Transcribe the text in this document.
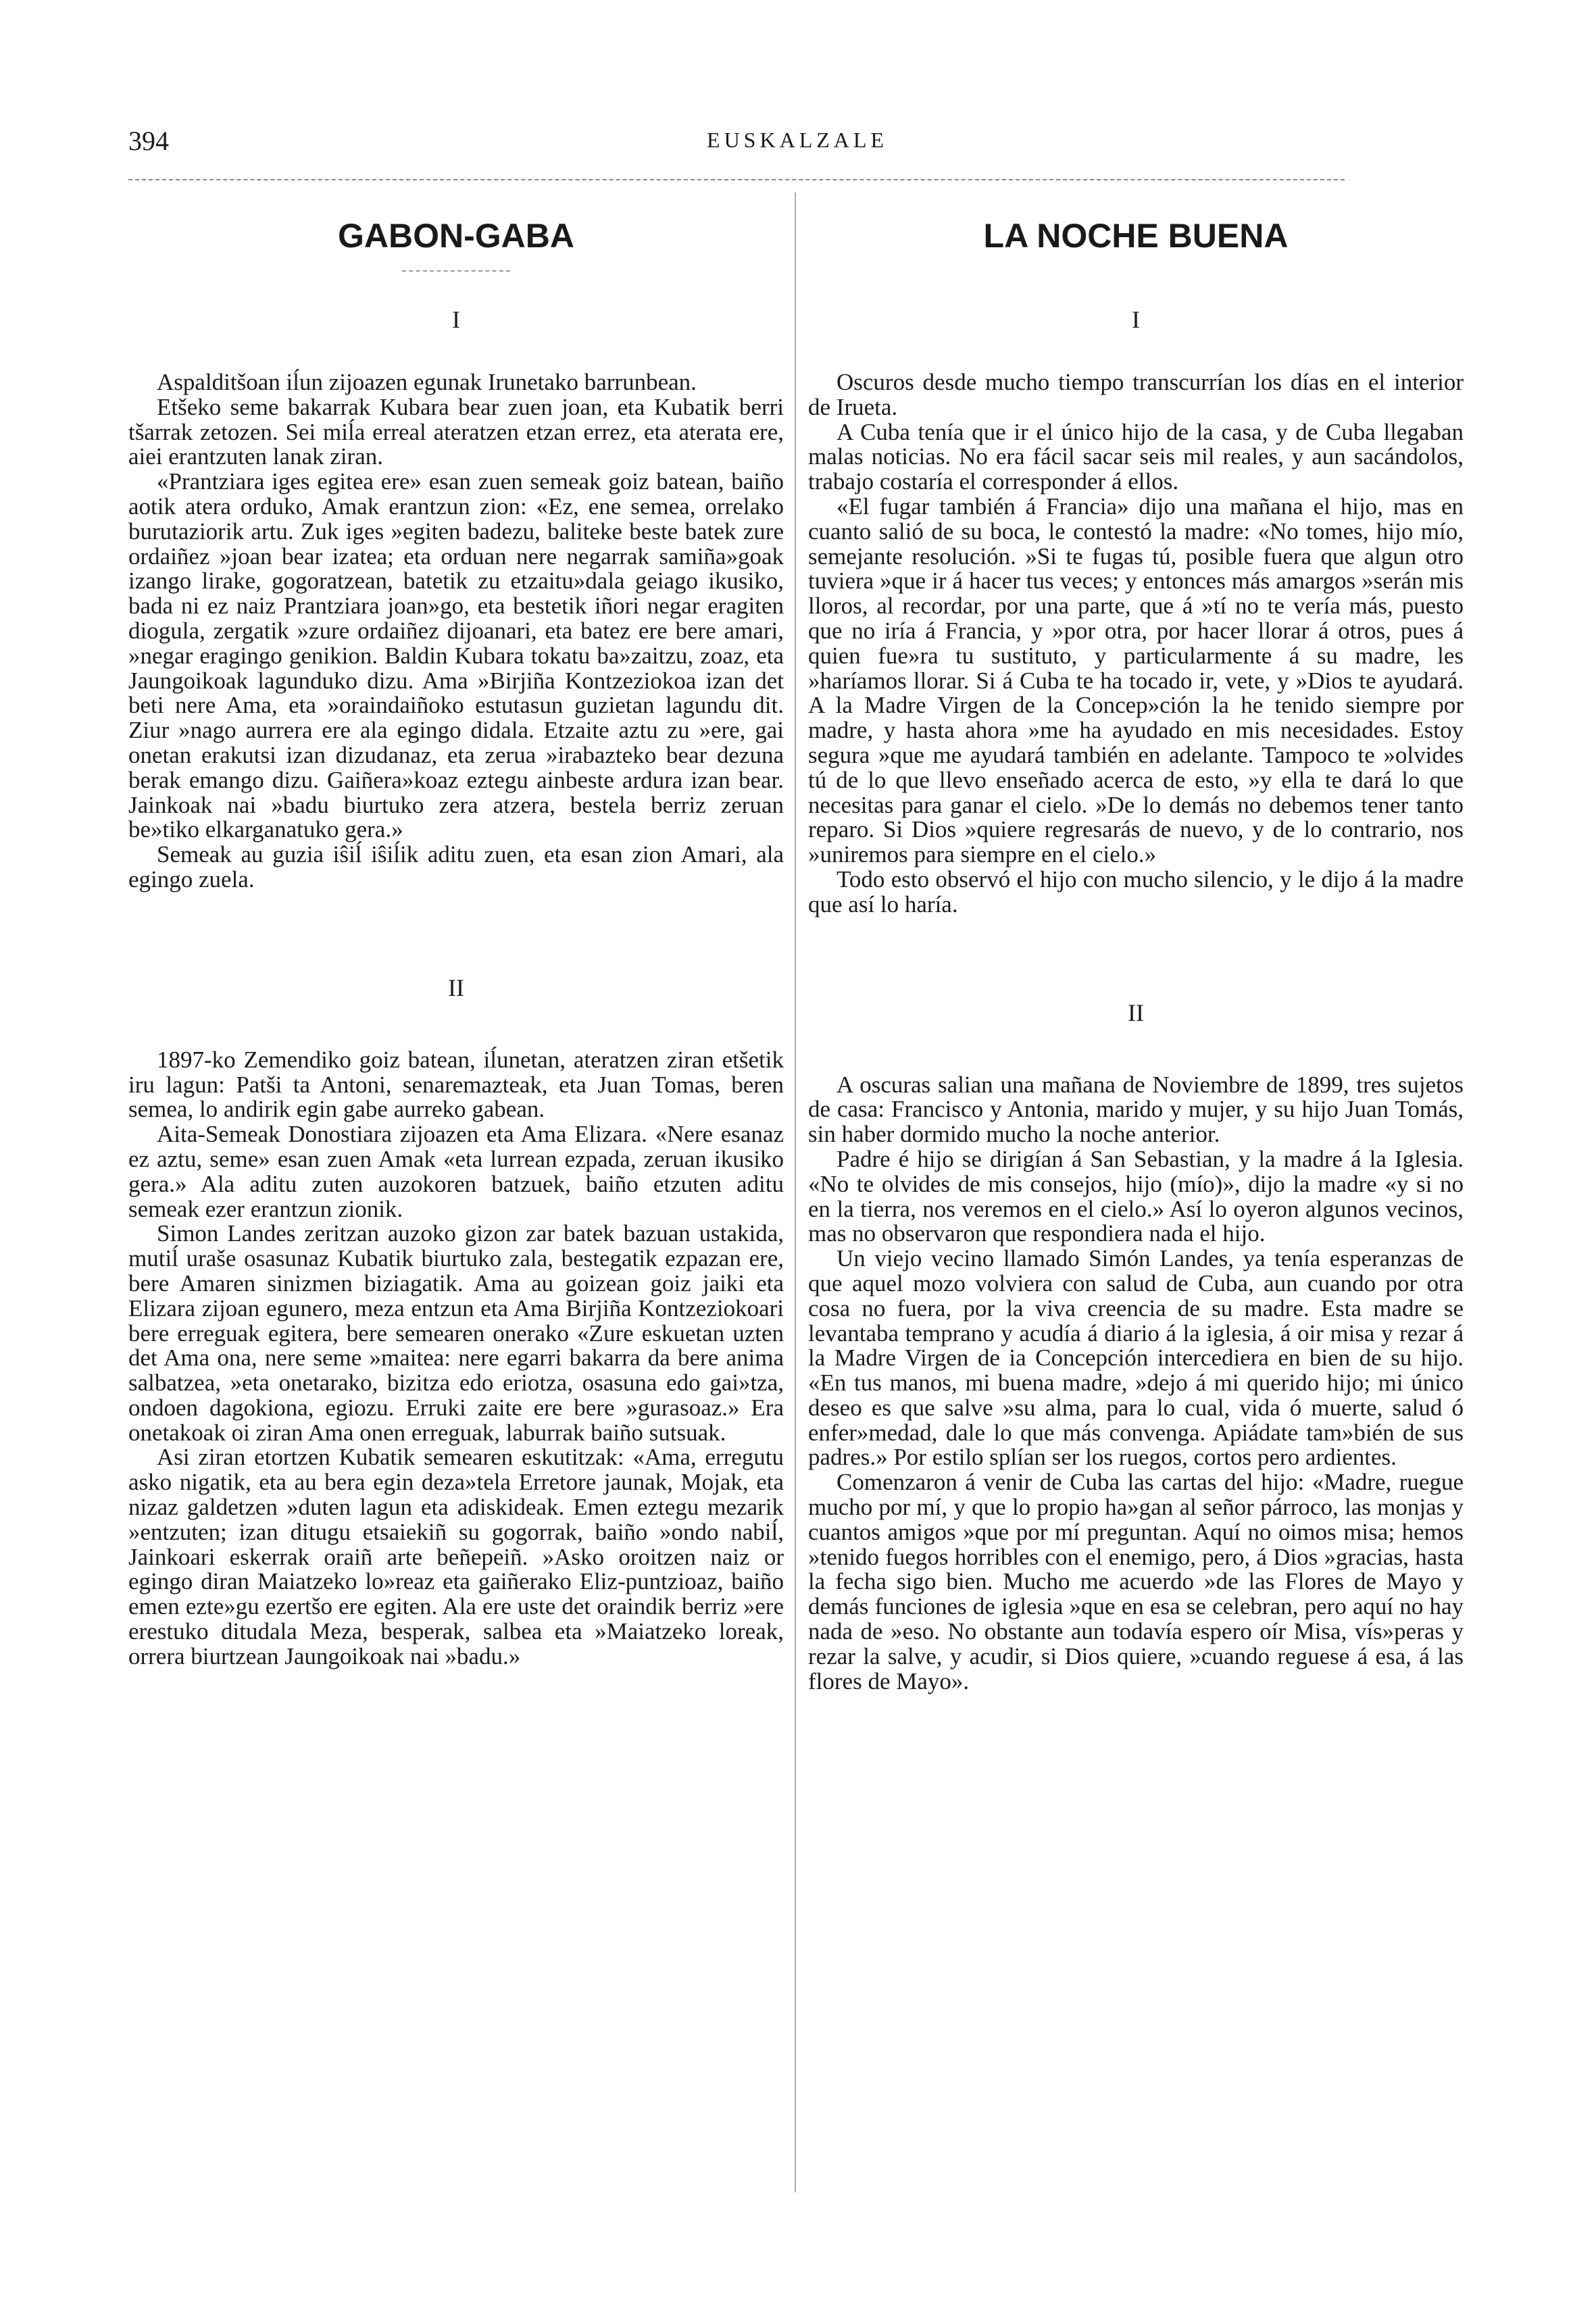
394	EUSKALZALE
GABON-GABA
I

Aspalditšoan iĺun zijoazen egunak Irunetako barrunbean.

Etšeko seme bakarrak Kubara bear zuen joan, eta Kubatik berri tšarrak zetozen. Sei miĺa erreal ateratzen etzan errez, eta aterata ere, aiei erantzuten lanak ziran.

«Prantziara iges egitea ere» esan zuen semeak goiz batean, baiño aotik atera orduko, Amak erantzun zion: «Ez, ene semea, orrelako burutaziorik artu. Zuk iges »egiten badezu, baliteke beste batek zure ordaiñez »joan bear izatea; eta orduan nere negarrak samiña»goak izango lirake, gogoratzean, batetik zu etzaitu»dala geiago ikusiko, bada ni ez naiz Prantziara joan»go, eta bestetik iñori negar eragiten diogula, zergatik »zure ordaiñez dijoanari, eta batez ere bere amari, »negar eragingo genikion. Baldin Kubara tokatu ba»zaitzu, zoaz, eta Jaungoikoak lagunduko dizu. Ama »Birjiña Kontzeziokoa izan det beti nere Ama, eta »oraindaiñoko estutasun guzietan lagundu dit. Ziur »nago aurrera ere ala egingo didala. Etzaite aztu zu »ere, gai onetan erakutsi izan dizudanaz, eta zerua »irabazteko bear dezuna berak emango dizu. Gaiñera»koaz eztegu ainbeste ardura izan bear. Jainkoak nai »badu biurtuko zera atzera, bestela berriz zeruan be»tiko elkarganatuko gera.»

Semeak au guzia iŝiĺ iŝiĺik aditu zuen, eta esan zion Amari, ala egingo zuela.

II

1897-ko Zemendiko goiz batean, iĺunetan, ateratzen ziran etšetik iru lagun: Patši ta Antoni, senaremazteak, eta Juan Tomas, beren semea, lo andirik egin gabe aurreko gabean.

Aita-Semeak Donostiara zijoazen eta Ama Elizara. «Nere esanaz ez aztu, seme» esan zuen Amak «eta lurrean ezpada, zeruan ikusiko gera.» Ala aditu zuten auzokoren batzuek, baiño etzuten aditu semeak ezer erantzun zionik.

Simon Landes zeritzan auzoko gizon zar batek bazuan ustakida, mutiĺ uraše osasunaz Kubatik biurtuko zala, bestegatik ezpazan ere, bere Amaren sinizmen biziagatik. Ama au goizean goiz jaiki eta Elizara zijoan egunero, meza entzun eta Ama Birjiña Kontzeziokoari bere erreguak egitera, bere semearen onerako «Zure eskuetan uzten det Ama ona, nere seme »maitea: nere egarri bakarra da bere anima salbatzea, »eta onetarako, bizitza edo eriotza, osasuna edo gai»tza, ondoen dagokiona, egiozu. Erruki zaite ere bere »gurasoaz.» Era onetakoak oi ziran Ama onen erreguak, laburrak baiño sutsuak.

Asi ziran etortzen Kubatik semearen eskutitzak: «Ama, erregutu asko nigatik, eta au bera egin deza»tela Erretore jaunak, Mojak, eta nizaz galdetzen »duten lagun eta adiskideak. Emen eztegu mezarik »entzuten; izan ditugu etsaiekiñ su gogorrak, baiño »ondo nabiĺ, Jainkoari eskerrak oraiñ arte beñepeiñ. »Asko oroitzen naiz or egingo diran Maiatzeko lo»reaz eta gaiñerako Eliz-puntzioaz, baiño emen ezte»gu ezertšo ere egiten. Ala ere uste det oraindik berriz »ere erestuko ditudala Meza, besperak, salbea eta »Maiatzeko loreak, orrera biurtzean Jaungoikoak nai »badu.»

LA NOCHE BUENA
I

Oscuros desde mucho tiempo transcurrían los días en el interior de Irueta.

A Cuba tenía que ir el único hijo de la casa, y de Cuba llegaban malas noticias. No era fácil sacar seis mil reales, y aun sacándolos, trabajo costaría el corresponder á ellos.

«El fugar también á Francia» dijo una mañana el hijo, mas en cuanto salió de su boca, le contestó la madre: «No tomes, hijo mío, semejante resolución. »Si te fugas tú, posible fuera que algun otro tuviera »que ir á hacer tus veces; y entonces más amargos »serán mis lloros, al recordar, por una parte, que á »tí no te vería más, puesto que no iría á Francia, y »por otra, por hacer llorar á otros, pues á quien fue»ra tu sustituto, y particularmente á su madre, les »haríamos llorar. Si á Cuba te ha tocado ir, vete, y »Dios te ayudará. A la Madre Virgen de la Concep»ción la he tenido siempre por madre, y hasta ahora »me ha ayudado en mis necesidades. Estoy segura »que me ayudará también en adelante. Tampoco te »olvides tú de lo que llevo enseñado acerca de esto, »y ella te dará lo que necesitas para ganar el cielo. »De lo demás no debemos tener tanto reparo. Si Dios »quiere regresarás de nuevo, y de lo contrario, nos »uniremos para siempre en el cielo.»

Todo esto observó el hijo con mucho silencio, y le dijo á la madre que así lo haría.

II

A oscuras salian una mañana de Noviembre de 1899, tres sujetos de casa: Francisco y Antonia, marido y mujer, y su hijo Juan Tomás, sin haber dormido mucho la noche anterior.

Padre é hijo se dirigían á San Sebastian, y la madre á la Iglesia. «No te olvides de mis consejos, hijo (mío)», dijo la madre «y si no en la tierra, nos veremos en el cielo.» Así lo oyeron algunos vecinos, mas no observaron que respondiera nada el hijo.

Un viejo vecino llamado Simón Landes, ya tenía esperanzas de que aquel mozo volviera con salud de Cuba, aun cuando por otra cosa no fuera, por la viva creencia de su madre. Esta madre se levantaba temprano y acudía á diario á la iglesia, á oir misa y rezar á la Madre Virgen de ia Concepción intercediera en bien de su hijo. «En tus manos, mi buena madre, »dejo á mi querido hijo; mi único deseo es que salve »su alma, para lo cual, vida ó muerte, salud ó enfer»medad, dale lo que más convenga. Apiádate tam»bién de sus padres.» Por estilo splían ser los ruegos, cortos pero ardientes.

Comenzaron á venir de Cuba las cartas del hijo: «Madre, ruegue mucho por mí, y que lo propio ha»gan al señor párroco, las monjas y cuantos amigos »que por mí preguntan. Aquí no oimos misa; hemos »tenido fuegos horribles con el enemigo, pero, á Dios »gracias, hasta la fecha sigo bien. Mucho me acuerdo »de las Flores de Mayo y demás funciones de iglesia »que en esa se celebran, pero aquí no hay nada de »eso. No obstante aun todavía espero oír Misa, vís»peras y rezar la salve, y acudir, si Dios quiere, »cuando reguese á esa, á las flores de Mayo».
